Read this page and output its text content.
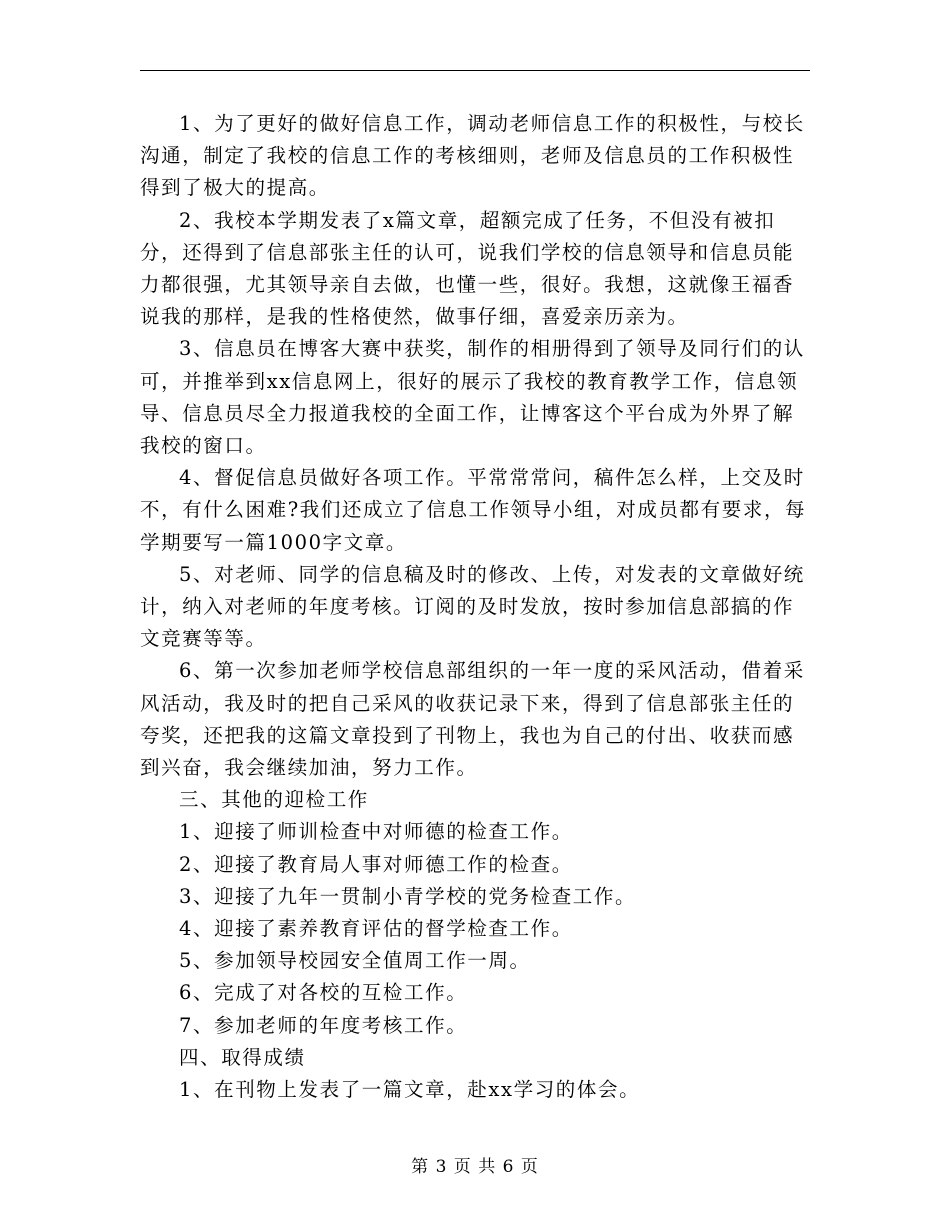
1、为了更好的做好信息工作，调动老师信息工作的积极性，与校长沟通，制定了我校的信息工作的考核细则，老师及信息员的工作积极性得到了极大的提高。

2、我校本学期发表了x篇文章，超额完成了任务，不但没有被扣分，还得到了信息部张主任的认可，说我们学校的信息领导和信息员能力都很强，尤其领导亲自去做，也懂一些，很好。我想，这就像王福香说我的那样，是我的性格使然，做事仔细，喜爱亲历亲为。

3、信息员在博客大赛中获奖，制作的相册得到了领导及同行们的认可，并推举到xx信息网上，很好的展示了我校的教育教学工作，信息领导、信息员尽全力报道我校的全面工作，让博客这个平台成为外界了解我校的窗口。

4、督促信息员做好各项工作。平常常常问，稿件怎么样，上交及时不，有什么困难?我们还成立了信息工作领导小组，对成员都有要求，每学期要写一篇1000字文章。

5、对老师、同学的信息稿及时的修改、上传，对发表的文章做好统计，纳入对老师的年度考核。订阅的及时发放，按时参加信息部搞的作文竞赛等等。

6、第一次参加老师学校信息部组织的一年一度的采风活动，借着采风活动，我及时的把自己采风的收获记录下来，得到了信息部张主任的夸奖，还把我的这篇文章投到了刊物上，我也为自己的付出、收获而感到兴奋，我会继续加油，努力工作。

三、其他的迎检工作

1、迎接了师训检查中对师德的检查工作。

2、迎接了教育局人事对师德工作的检查。

3、迎接了九年一贯制小青学校的党务检查工作。

4、迎接了素养教育评估的督学检查工作。

5、参加领导校园安全值周工作一周。

6、完成了对各校的互检工作。

7、参加老师的年度考核工作。

四、取得成绩

1、在刊物上发表了一篇文章，赴xx学习的体会。

第 3 页 共 6 页
